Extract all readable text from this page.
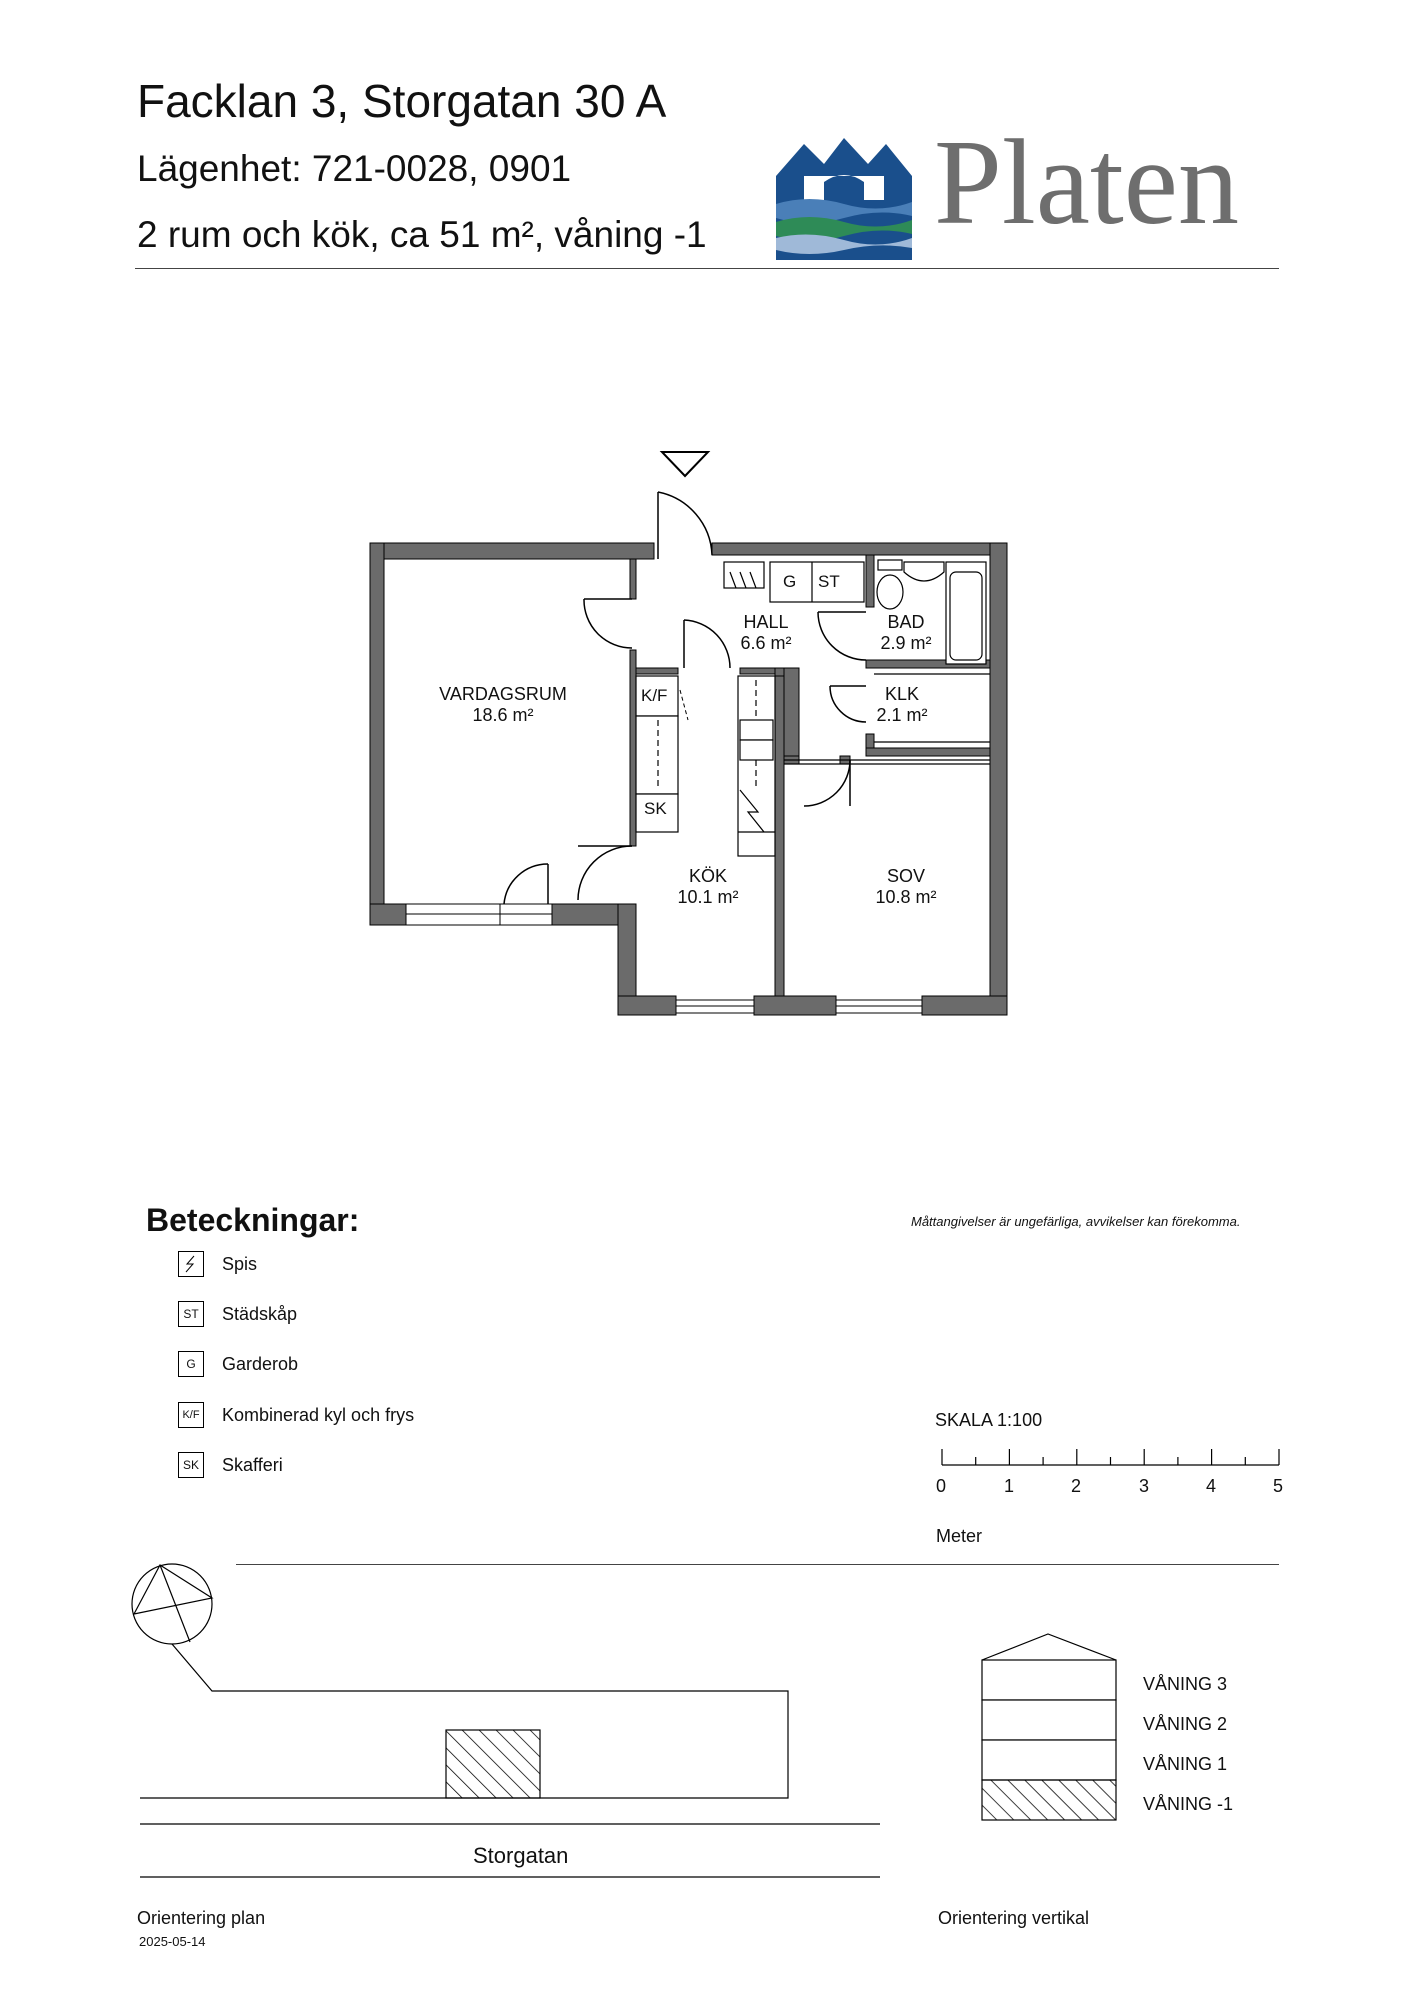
Facklan 3, Storgatan 30 A
Lägenhet: 721-0028, 0901
2 rum och kök, ca 51 m², våning -1 Platen
VARDAGSRUM
18.6 m²
HALL
6.6 m²
BAD
2.9 m²
KLK
2.1 m²
KÖK
10.1 m²
SOV
10.8 m²
K/F
SK
G ST
Beteckningar:	Måttangivelser är ungefärliga, avvikelser kan förekomma.
Spis
ST Städskåp
G	Garderob
K/F Kombinerad kyl och frys
SK Skafferi
SKALA 1:100
0	1	2	3	4	5
Meter
Storgatan
Orientering plan
2025-05-14
VÅNING 3
VÅNING 2
VÅNING 1
VÅNING -1
Orientering vertikal
